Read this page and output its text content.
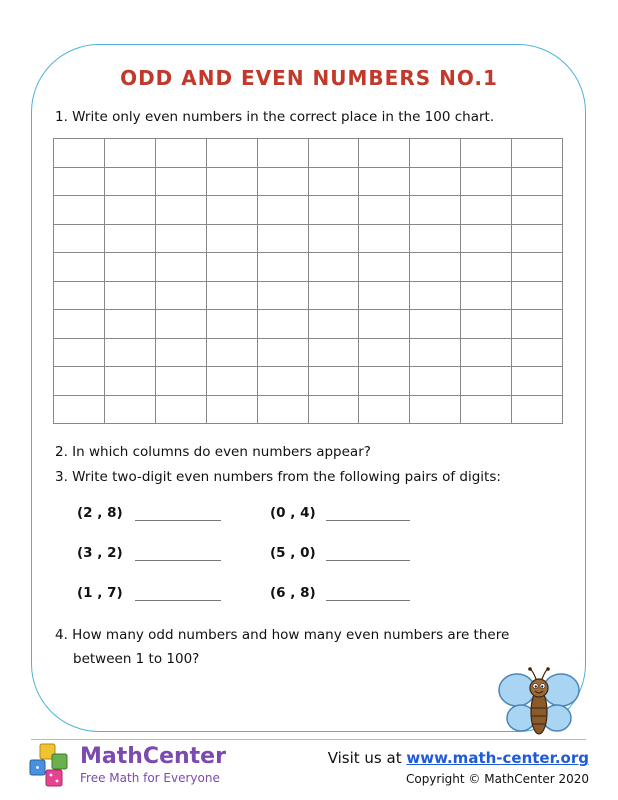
ODD AND EVEN NUMBERS NO.1
1. Write only even numbers in the correct place in the 100 chart.
2. In which columns do even numbers appear?
3. Write two-digit even numbers from the following pairs of digits:
(2 , 8)	(0 , 4)
(3 , 2)	(5 , 0)
(1 , 7)	(6 , 8)
4. How many odd numbers and how many even numbers are there
between 1 to 100?
MathCenter
Free Math for Everyone
Visit us at www.math-center.org
Copyright © MathCenter 2020
